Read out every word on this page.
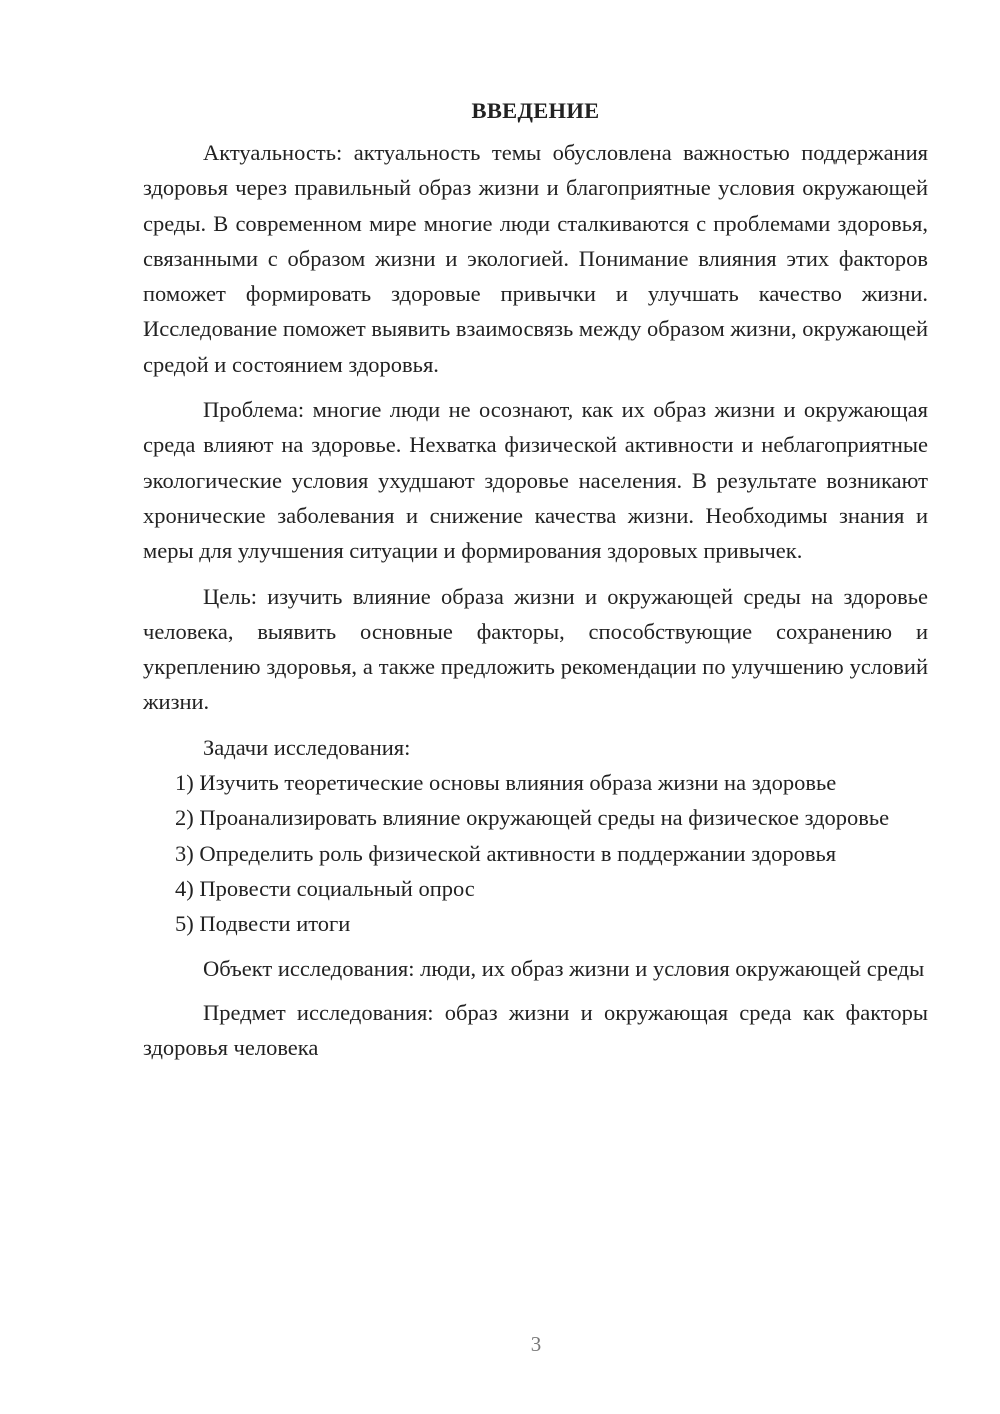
ВВЕДЕНИЕ

Актуальность: актуальность темы обусловлена важностью поддержания здоровья через правильный образ жизни и благоприятные условия окружающей среды. В современном мире многие люди сталкиваются с проблемами здоровья, связанными с образом жизни и экологией. Понимание влияния этих факторов поможет формировать здоровые привычки и улучшать качество жизни. Исследование поможет выявить взаимосвязь между образом жизни, окружающей средой и состоянием здоровья.

Проблема: многие люди не осознают, как их образ жизни и окружающая среда влияют на здоровье. Нехватка физической активности и неблагоприятные экологические условия ухудшают здоровье населения. В результате возникают хронические заболевания и снижение качества жизни. Необходимы знания и меры для улучшения ситуации и формирования здоровых привычек.

Цель: изучить влияние образа жизни и окружающей среды на здоровье человека, выявить основные факторы, способствующие сохранению и укреплению здоровья, а также предложить рекомендации по улучшению условий жизни.

Задачи исследования:

1) Изучить теоретические основы влияния образа жизни на здоровье

2) Проанализировать влияние окружающей среды на физическое здоровье

3) Определить роль физической активности в поддержании здоровья

4) Провести социальный опрос

5) Подвести итоги

Объект исследования: люди, их образ жизни и условия окружающей среды

Предмет исследования: образ жизни и окружающая среда как факторы здоровья человека

3
